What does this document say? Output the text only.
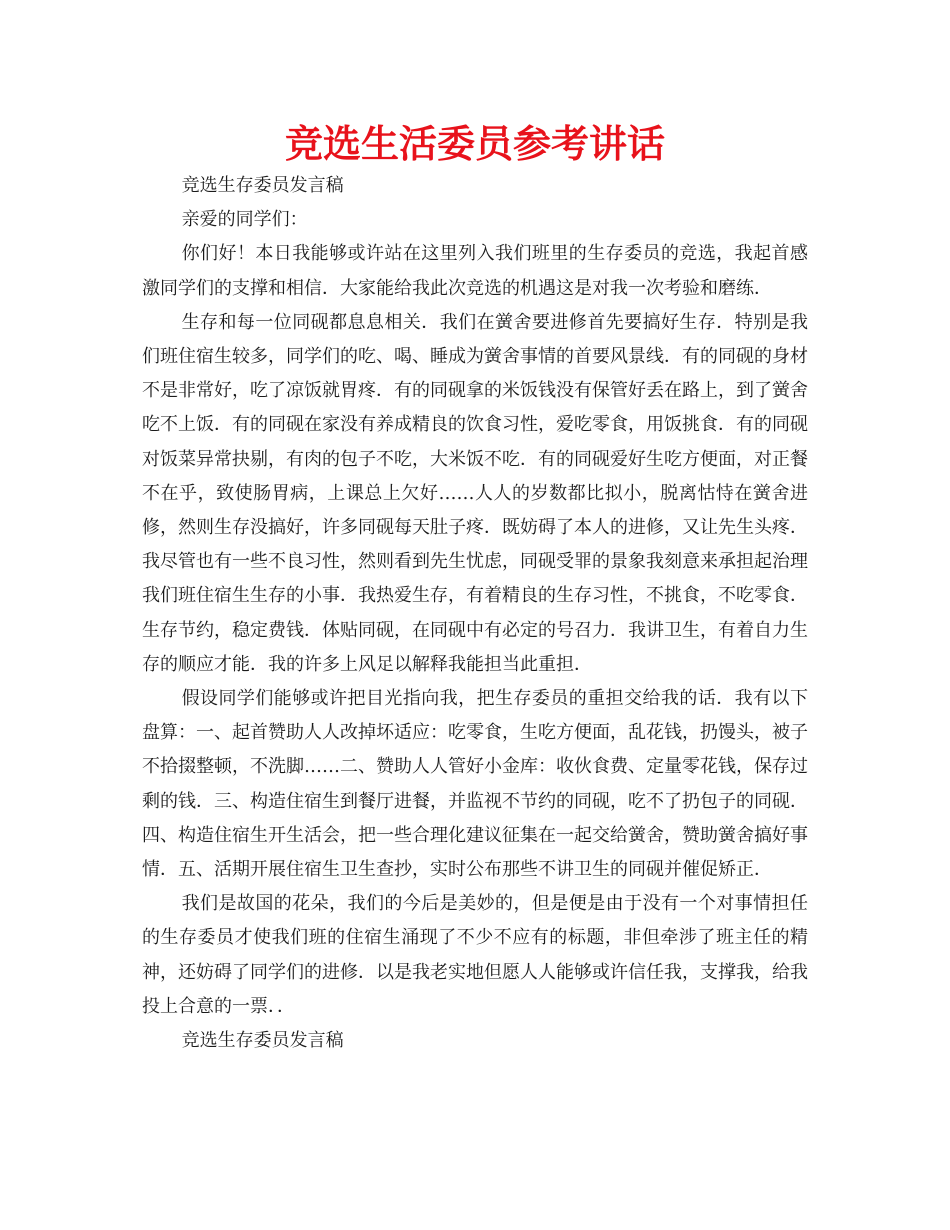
竞选生活委员参考讲话

竞选生存委员发言稿

亲爱的同学们：

你们好！本日我能够或许站在这里列入我们班里的生存委员的竞选，我起首感激同学们的支撑和相信．大家能给我此次竞选的机遇这是对我一次考验和磨练．

生存和每一位同砚都息息相关．我们在黉舍要进修首先要搞好生存．特别是我们班住宿生较多，同学们的吃、喝、睡成为黉舍事情的首要风景线．有的同砚的身材不是非常好，吃了凉饭就胃疼．有的同砚拿的米饭钱没有保管好丢在路上，到了黉舍吃不上饭．有的同砚在家没有养成精良的饮食习性，爱吃零食，用饭挑食．有的同砚对饭菜异常抉剔，有肉的包子不吃，大米饭不吃．有的同砚爱好生吃方便面，对正餐不在乎，致使肠胃病，上课总上欠好……人人的岁数都比拟小，脱离怙恃在黉舍进修，然则生存没搞好，许多同砚每天肚子疼．既妨碍了本人的进修，又让先生头疼．我尽管也有一些不良习性，然则看到先生忧虑，同砚受罪的景象我刻意来承担起治理我们班住宿生生存的小事．我热爱生存，有着精良的生存习性，不挑食，不吃零食．生存节约，稳定费钱．体贴同砚，在同砚中有必定的号召力．我讲卫生，有着自力生存的顺应才能．我的许多上风足以解释我能担当此重担．

假设同学们能够或许把目光指向我，把生存委员的重担交给我的话．我有以下盘算：一、起首赞助人人改掉坏适应：吃零食，生吃方便面，乱花钱，扔馒头，被子不拾掇整顿，不洗脚……二、赞助人人管好小金库：收伙食费、定量零花钱，保存过剩的钱．三、构造住宿生到餐厅进餐，并监视不节约的同砚，吃不了扔包子的同砚．四、构造住宿生开生活会，把一些合理化建议征集在一起交给黉舍，赞助黉舍搞好事情．五、活期开展住宿生卫生查抄，实时公布那些不讲卫生的同砚并催促矫正．

我们是故国的花朵，我们的今后是美妙的，但是便是由于没有一个对事情担任的生存委员才使我们班的住宿生涌现了不少不应有的标题，非但牵涉了班主任的精神，还妨碍了同学们的进修．以是我老实地但愿人人能够或许信任我，支撑我，给我投上合意的一票．．

竞选生存委员发言稿
